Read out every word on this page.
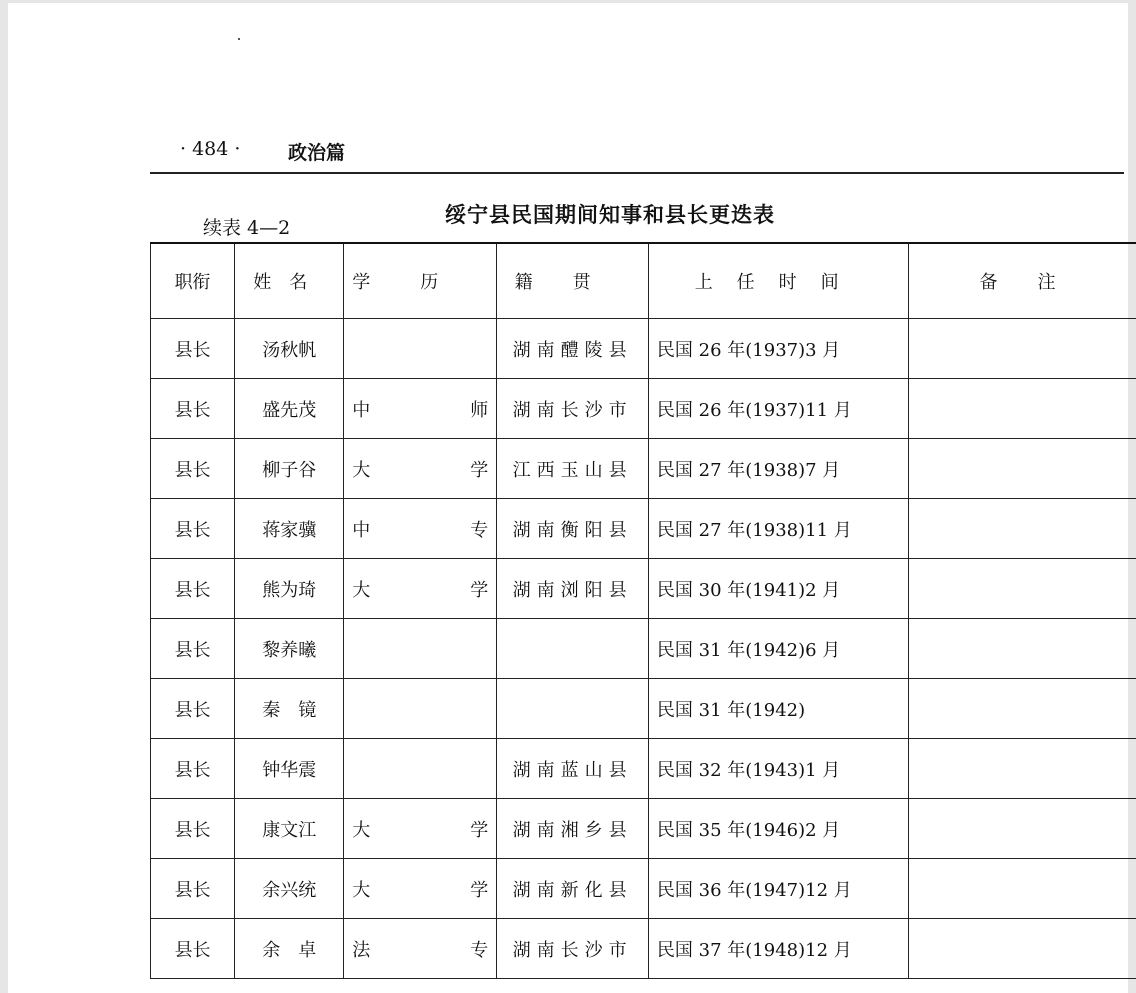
· 484 ·	政治篇
续表 4—2
绥宁县民国期间知事和县长更迭表
职衔	姓名	学历	籍贯	上任时间	备注
县长	汤秋帆		湖南醴陵县	民国 26 年(1937)3 月	
县长	盛先茂	中 师	湖南长沙市	民国 26 年(1937)11 月	
县长	柳子谷	大 学	江西玉山县	民国 27 年(1938)7 月	
县长	蒋家骥	中 专	湖南衡阳县	民国 27 年(1938)11 月	
县长	熊为琦	大 学	湖南浏阳县	民国 30 年(1941)2 月	
县长	黎养曦			民国 31 年(1942)6 月	
县长	秦　镜			民国 31 年(1942)	
县长	钟华震		湖南蓝山县	民国 32 年(1943)1 月	
县长	康文江	大 学	湖南湘乡县	民国 35 年(1946)2 月	
县长	余兴统	大 学	湖南新化县	民国 36 年(1947)12 月	
县长	余　卓	法 专	湖南长沙市	民国 37 年(1948)12 月	
